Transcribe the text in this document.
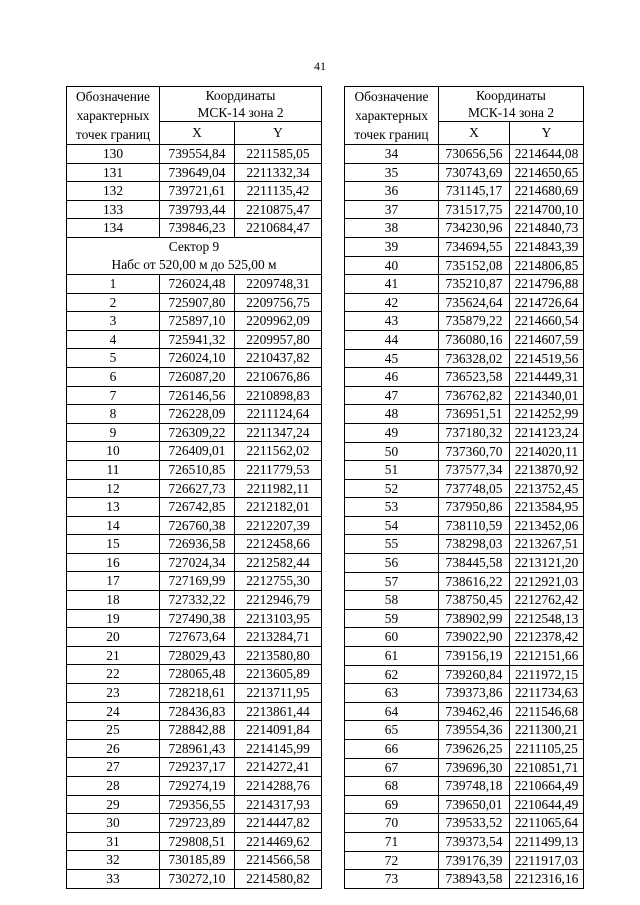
41
Обозначение характерных точек границ	Координаты
МСК-14 зона 2	
	X	Y
130	739554,84	2211585,05
131	739649,04	2211332,34
132	739721,61	2211135,42
133	739793,44	2210875,47
134	739846,23	2210684,47
Сектор 9
Набс от 520,00 м до 525,00 м		
1	726024,48	2209748,31
2	725907,80	2209756,75
3	725897,10	2209962,09
4	725941,32	2209957,80
5	726024,10	2210437,82
6	726087,20	2210676,86
7	726146,56	2210898,83
8	726228,09	2211124,64
9	726309,22	2211347,24
10	726409,01	2211562,02
11	726510,85	2211779,53
12	726627,73	2211982,11
13	726742,85	2212182,01
14	726760,38	2212207,39
15	726936,58	2212458,66
16	727024,34	2212582,44
17	727169,99	2212755,30
18	727332,22	2212946,79
19	727490,38	2213103,95
20	727673,64	2213284,71
21	728029,43	2213580,80
22	728065,48	2213605,89
23	728218,61	2213711,95
24	728436,83	2213861,44
25	728842,88	2214091,84
26	728961,43	2214145,99
27	729237,17	2214272,41
28	729274,19	2214288,76
29	729356,55	2214317,93
30	729723,89	2214447,82
31	729808,51	2214469,62
32	730185,89	2214566,58
33	730272,10	2214580,82
Обозначение характерных точек границ	Координаты
МСК-14 зона 2	
	X	Y
34	730656,56	2214644,08
35	730743,69	2214650,65
36	731145,17	2214680,69
37	731517,75	2214700,10
38	734230,96	2214840,73
39	734694,55	2214843,39
40	735152,08	2214806,85
41	735210,87	2214796,88
42	735624,64	2214726,64
43	735879,22	2214660,54
44	736080,16	2214607,59
45	736328,02	2214519,56
46	736523,58	2214449,31
47	736762,82	2214340,01
48	736951,51	2214252,99
49	737180,32	2214123,24
50	737360,70	2214020,11
51	737577,34	2213870,92
52	737748,05	2213752,45
53	737950,86	2213584,95
54	738110,59	2213452,06
55	738298,03	2213267,51
56	738445,58	2213121,20
57	738616,22	2212921,03
58	738750,45	2212762,42
59	738902,99	2212548,13
60	739022,90	2212378,42
61	739156,19	2212151,66
62	739260,84	2211972,15
63	739373,86	2211734,63
64	739462,46	2211546,68
65	739554,36	2211300,21
66	739626,25	2211105,25
67	739696,30	2210851,71
68	739748,18	2210664,49
69	739650,01	2210644,49
70	739533,52	2211065,64
71	739373,54	2211499,13
72	739176,39	2211917,03
73	738943,58	2212316,16
